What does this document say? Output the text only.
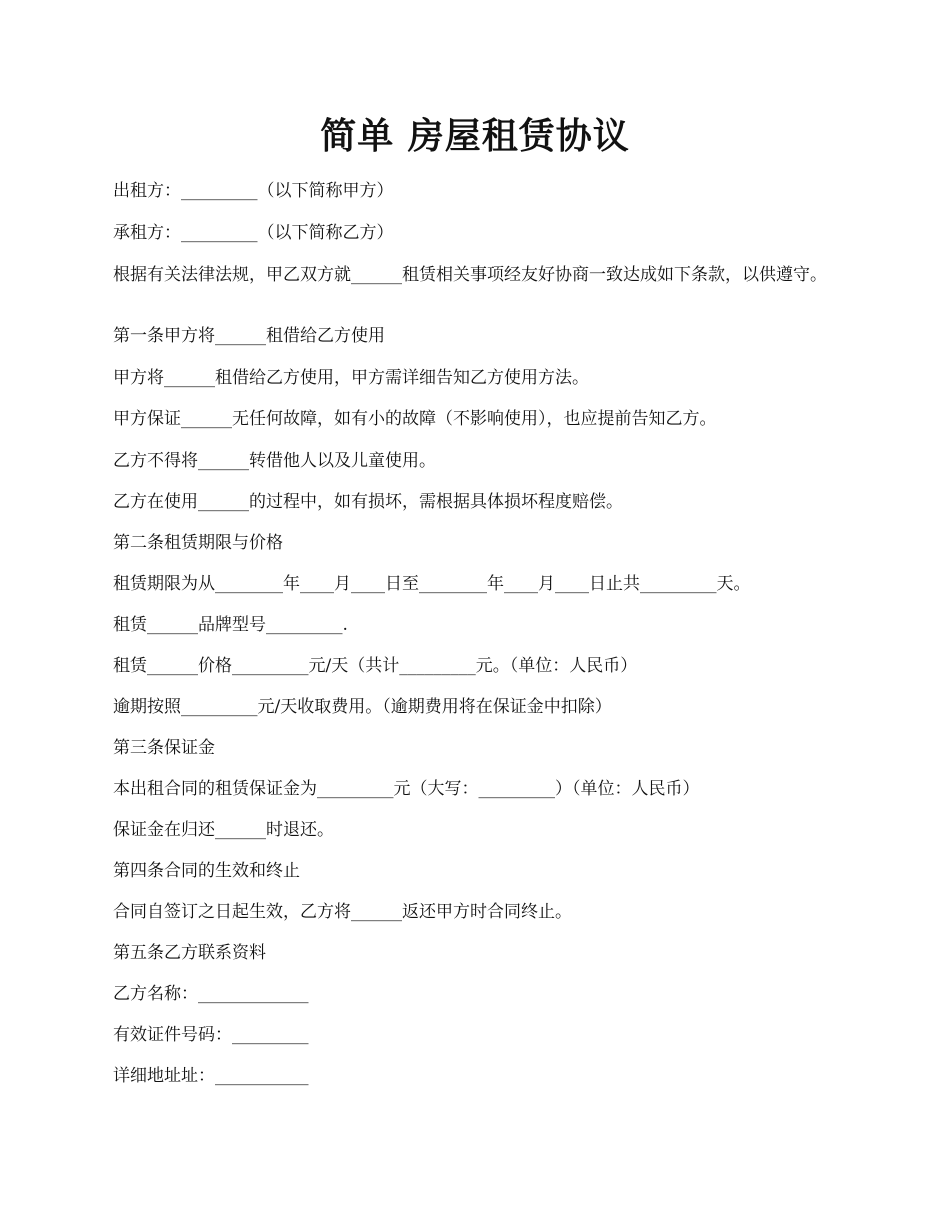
简单 房屋租赁协议
出租方：_________（以下简称甲方）
承租方：_________（以下简称乙方）
根据有关法律法规，甲乙双方就______租赁相关事项经友好协商一致达成如下条款，以供遵守。
第一条甲方将______租借给乙方使用
甲方将______租借给乙方使用，甲方需详细告知乙方使用方法。
甲方保证______无任何故障，如有小的故障（不影响使用），也应提前告知乙方。
乙方不得将______转借他人以及儿童使用。
乙方在使用______的过程中，如有损坏，需根据具体损坏程度赔偿。
第二条租赁期限与价格
租赁期限为从________年____月____日至________年____月____日止共_________天。
租赁______品牌型号_________.
租赁______价格_________元/天（共计_________元。（单位：人民币）
逾期按照_________元/天收取费用。（逾期费用将在保证金中扣除）
第三条保证金
本出租合同的租赁保证金为_________元（大写：_________）（单位：人民币）
保证金在归还______时退还。
第四条合同的生效和终止
合同自签订之日起生效，乙方将______返还甲方时合同终止。
第五条乙方联系资料
乙方名称：_____________
有效证件号码：_________
详细地址址：___________
